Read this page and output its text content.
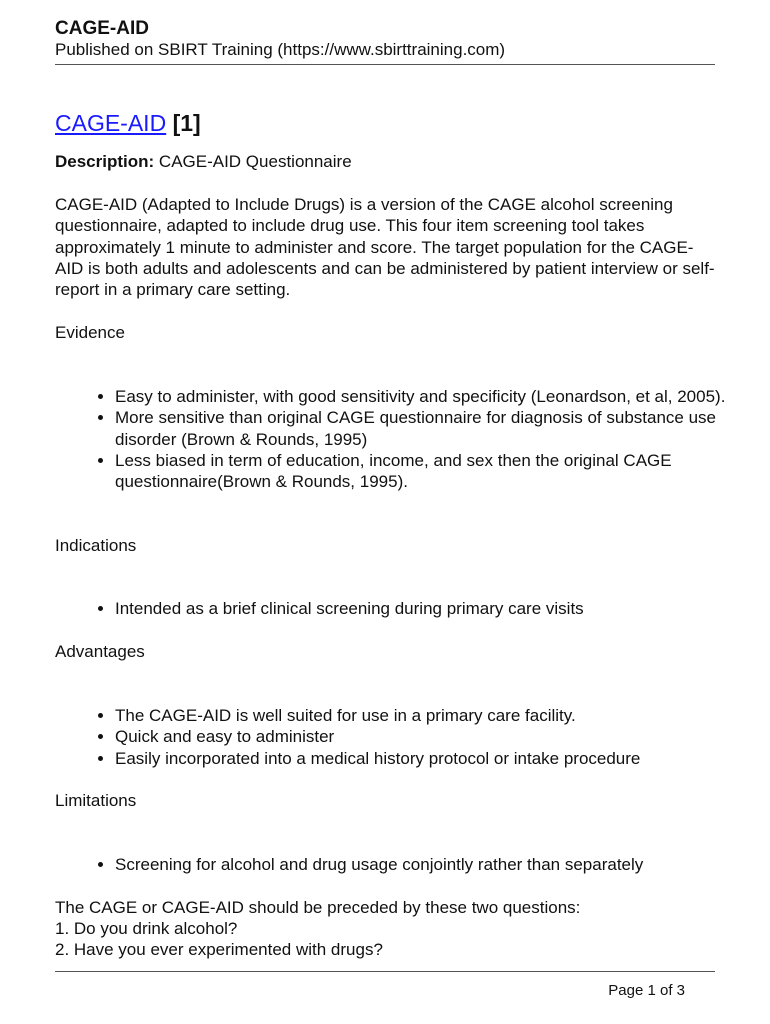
CAGE-AID

Published on SBIRT Training (https://www.sbirttraining.com)

CAGE-AID [1]

Description: CAGE-AID Questionnaire

CAGE-AID (Adapted to Include Drugs) is a version of the CAGE alcohol screening questionnaire, adapted to include drug use. This four item screening tool takes approximately 1 minute to administer and score. The target population for the CAGE-AID is both adults and adolescents and can be administered by patient interview or self-report in a primary care setting.

Evidence

• Easy to administer, with good sensitivity and specificity (Leonardson, et al, 2005).
• More sensitive than original CAGE questionnaire for diagnosis of substance use disorder (Brown & Rounds, 1995)
• Less biased in term of education, income, and sex then the original CAGE questionnaire(Brown & Rounds, 1995).

Indications

• Intended as a brief clinical screening during primary care visits

Advantages

• The CAGE-AID is well suited for use in a primary care facility.
• Quick and easy to administer
• Easily incorporated into a medical history protocol or intake procedure

Limitations

• Screening for alcohol and drug usage conjointly rather than separately

The CAGE or CAGE-AID should be preceded by these two questions:

1. Do you drink alcohol?

2. Have you ever experimented with drugs?

Page 1 of 3
